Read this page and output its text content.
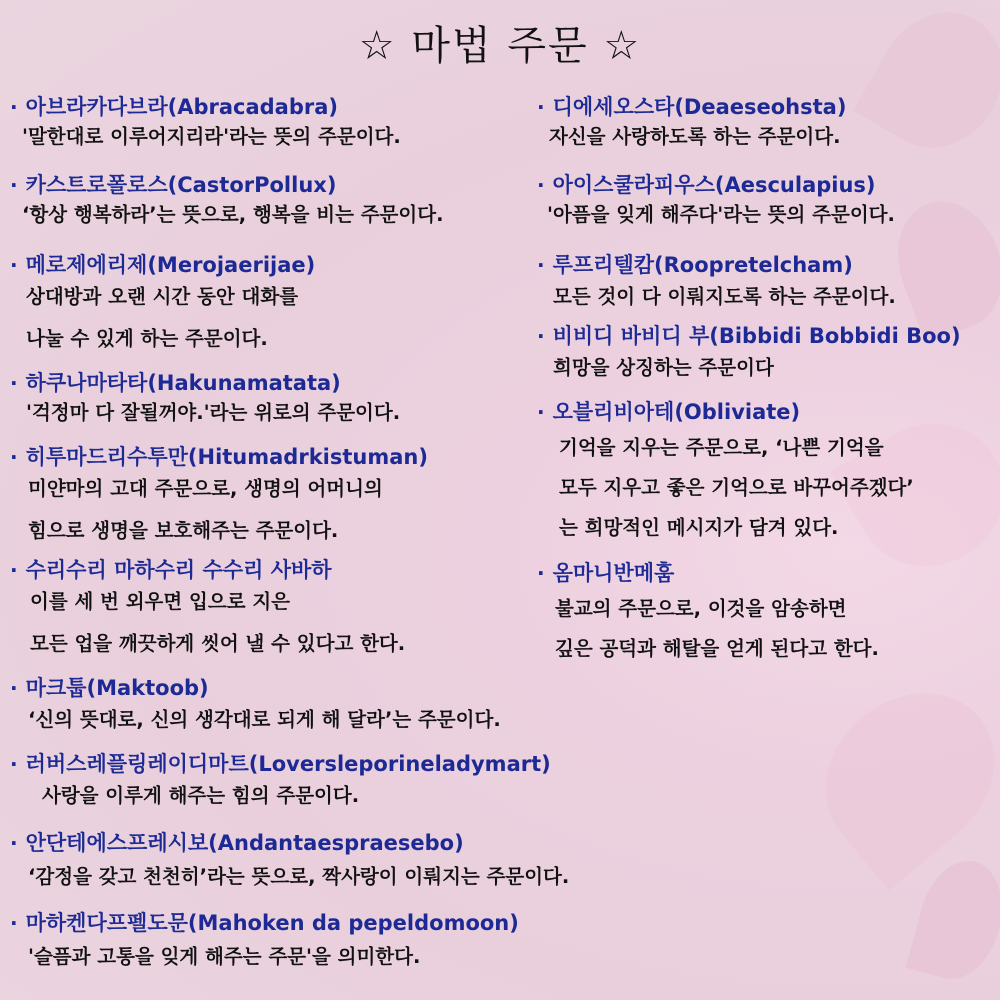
☆ 마법 주문 ☆
· 아브라카다브라(Abracadabra)
'말한대로 이루어지리라'라는 뜻의 주문이다.
· 카스트로폴로스(CastorPollux)
‘항상 행복하라’는 뜻으로, 행복을 비는 주문이다.
· 메로제에리제(Merojaerijae)
상대방과 오랜 시간 동안 대화를
나눌 수 있게 하는 주문이다.
· 하쿠나마타타(Hakunamatata)
'걱정마 다 잘될꺼야.'라는 위로의 주문이다.
· 히투마드리수투만(Hitumadrkistuman)
미얀마의 고대 주문으로, 생명의 어머니의
힘으로 생명을 보호해주는 주문이다.
· 수리수리 마하수리 수수리 사바하
이를 세 번 외우면 입으로 지은
모든 업을 깨끗하게 씻어 낼 수 있다고 한다.
· 마크툽(Maktoob)
‘신의 뜻대로, 신의 생각대로 되게 해 달라’는 주문이다.
· 러버스레플링레이디마트(Loversleporineladymart)
사랑을 이루게 해주는 힘의 주문이다.
· 안단테에스프레시보(Andantaespraesebo)
‘감정을 갖고 천천히’라는 뜻으로, 짝사랑이 이뤄지는 주문이다.
· 마하켄다프펠도문(Mahoken da pepeldomoon)
'슬픔과 고통을 잊게 해주는 주문'을 의미한다.
· 디에세오스타(Deaeseohsta)
자신을 사랑하도록 하는 주문이다.
· 아이스쿨라피우스(Aesculapius)
'아픔을 잊게 해주다'라는 뜻의 주문이다.
· 루프리텔캄(Roopretelcham)
모든 것이 다 이뤄지도록 하는 주문이다.
· 비비디 바비디 부(Bibbidi Bobbidi Boo)
희망을 상징하는 주문이다
· 오블리비아테(Obliviate)
기억을 지우는 주문으로, ‘나쁜 기억을
모두 지우고 좋은 기억으로 바꾸어주겠다’
는 희망적인 메시지가 담겨 있다.
· 옴마니반메훔
불교의 주문으로, 이것을 암송하면
깊은 공덕과 해탈을 얻게 된다고 한다.
